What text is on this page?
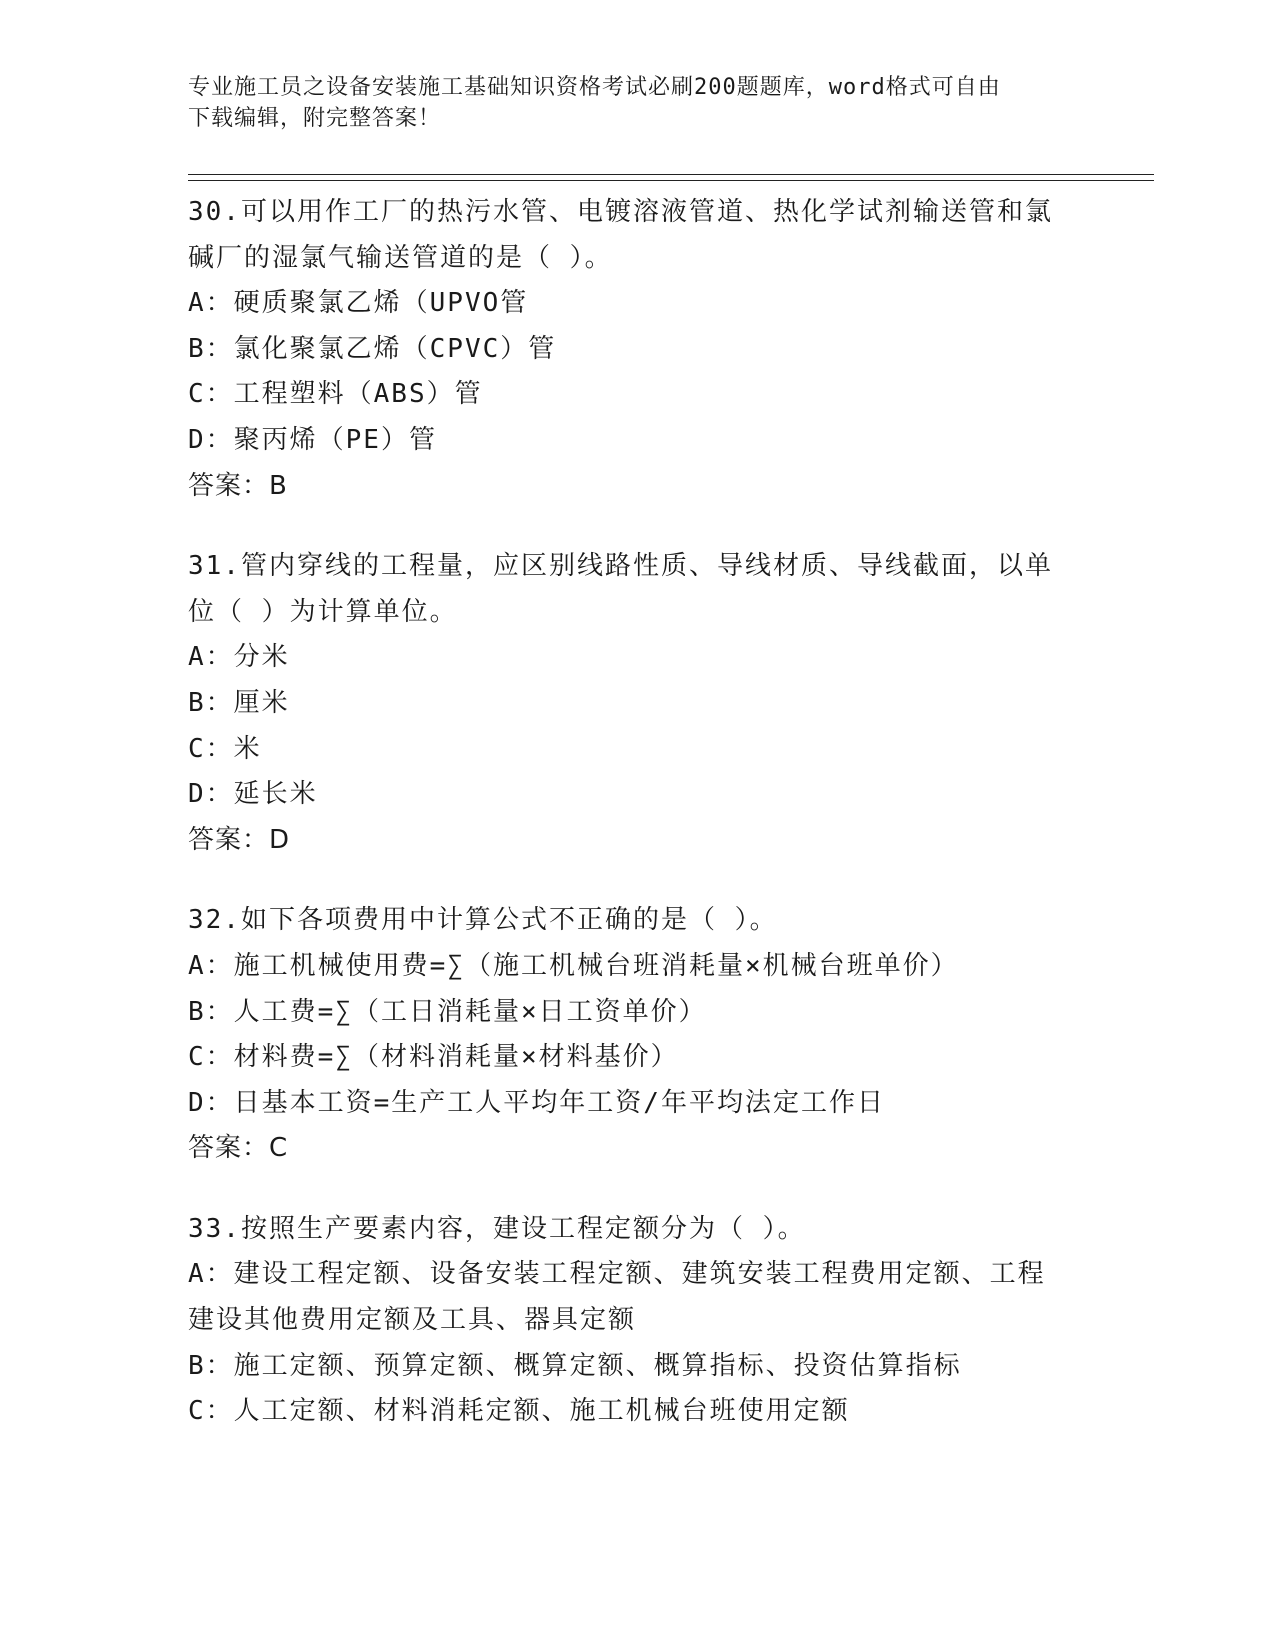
专业施工员之设备安装施工基础知识资格考试必刷200题题库，word格式可自由
下载编辑，附完整答案！
30.可以用作工厂的热污水管、电镀溶液管道、热化学试剂输送管和氯
碱厂的湿氯气输送管道的是（ ）。
A：硬质聚氯乙烯（UPVO管
B：氯化聚氯乙烯（CPVC）管
C：工程塑料（ABS）管
D：聚丙烯（PE）管
答案：B
31.管内穿线的工程量，应区别线路性质、导线材质、导线截面，以单
位（ ）为计算单位。
A：分米
B：厘米
C：米
D：延长米
答案：D
32.如下各项费用中计算公式不正确的是（ ）。
A：施工机械使用费=∑（施工机械台班消耗量×机械台班单价）
B：人工费=∑（工日消耗量×日工资单价）
C：材料费=∑（材料消耗量×材料基价）
D：日基本工资=生产工人平均年工资/年平均法定工作日
答案：C
33.按照生产要素内容，建设工程定额分为（ ）。
A：建设工程定额、设备安装工程定额、建筑安装工程费用定额、工程
建设其他费用定额及工具、器具定额
B：施工定额、预算定额、概算定额、概算指标、投资估算指标
C：人工定额、材料消耗定额、施工机械台班使用定额
